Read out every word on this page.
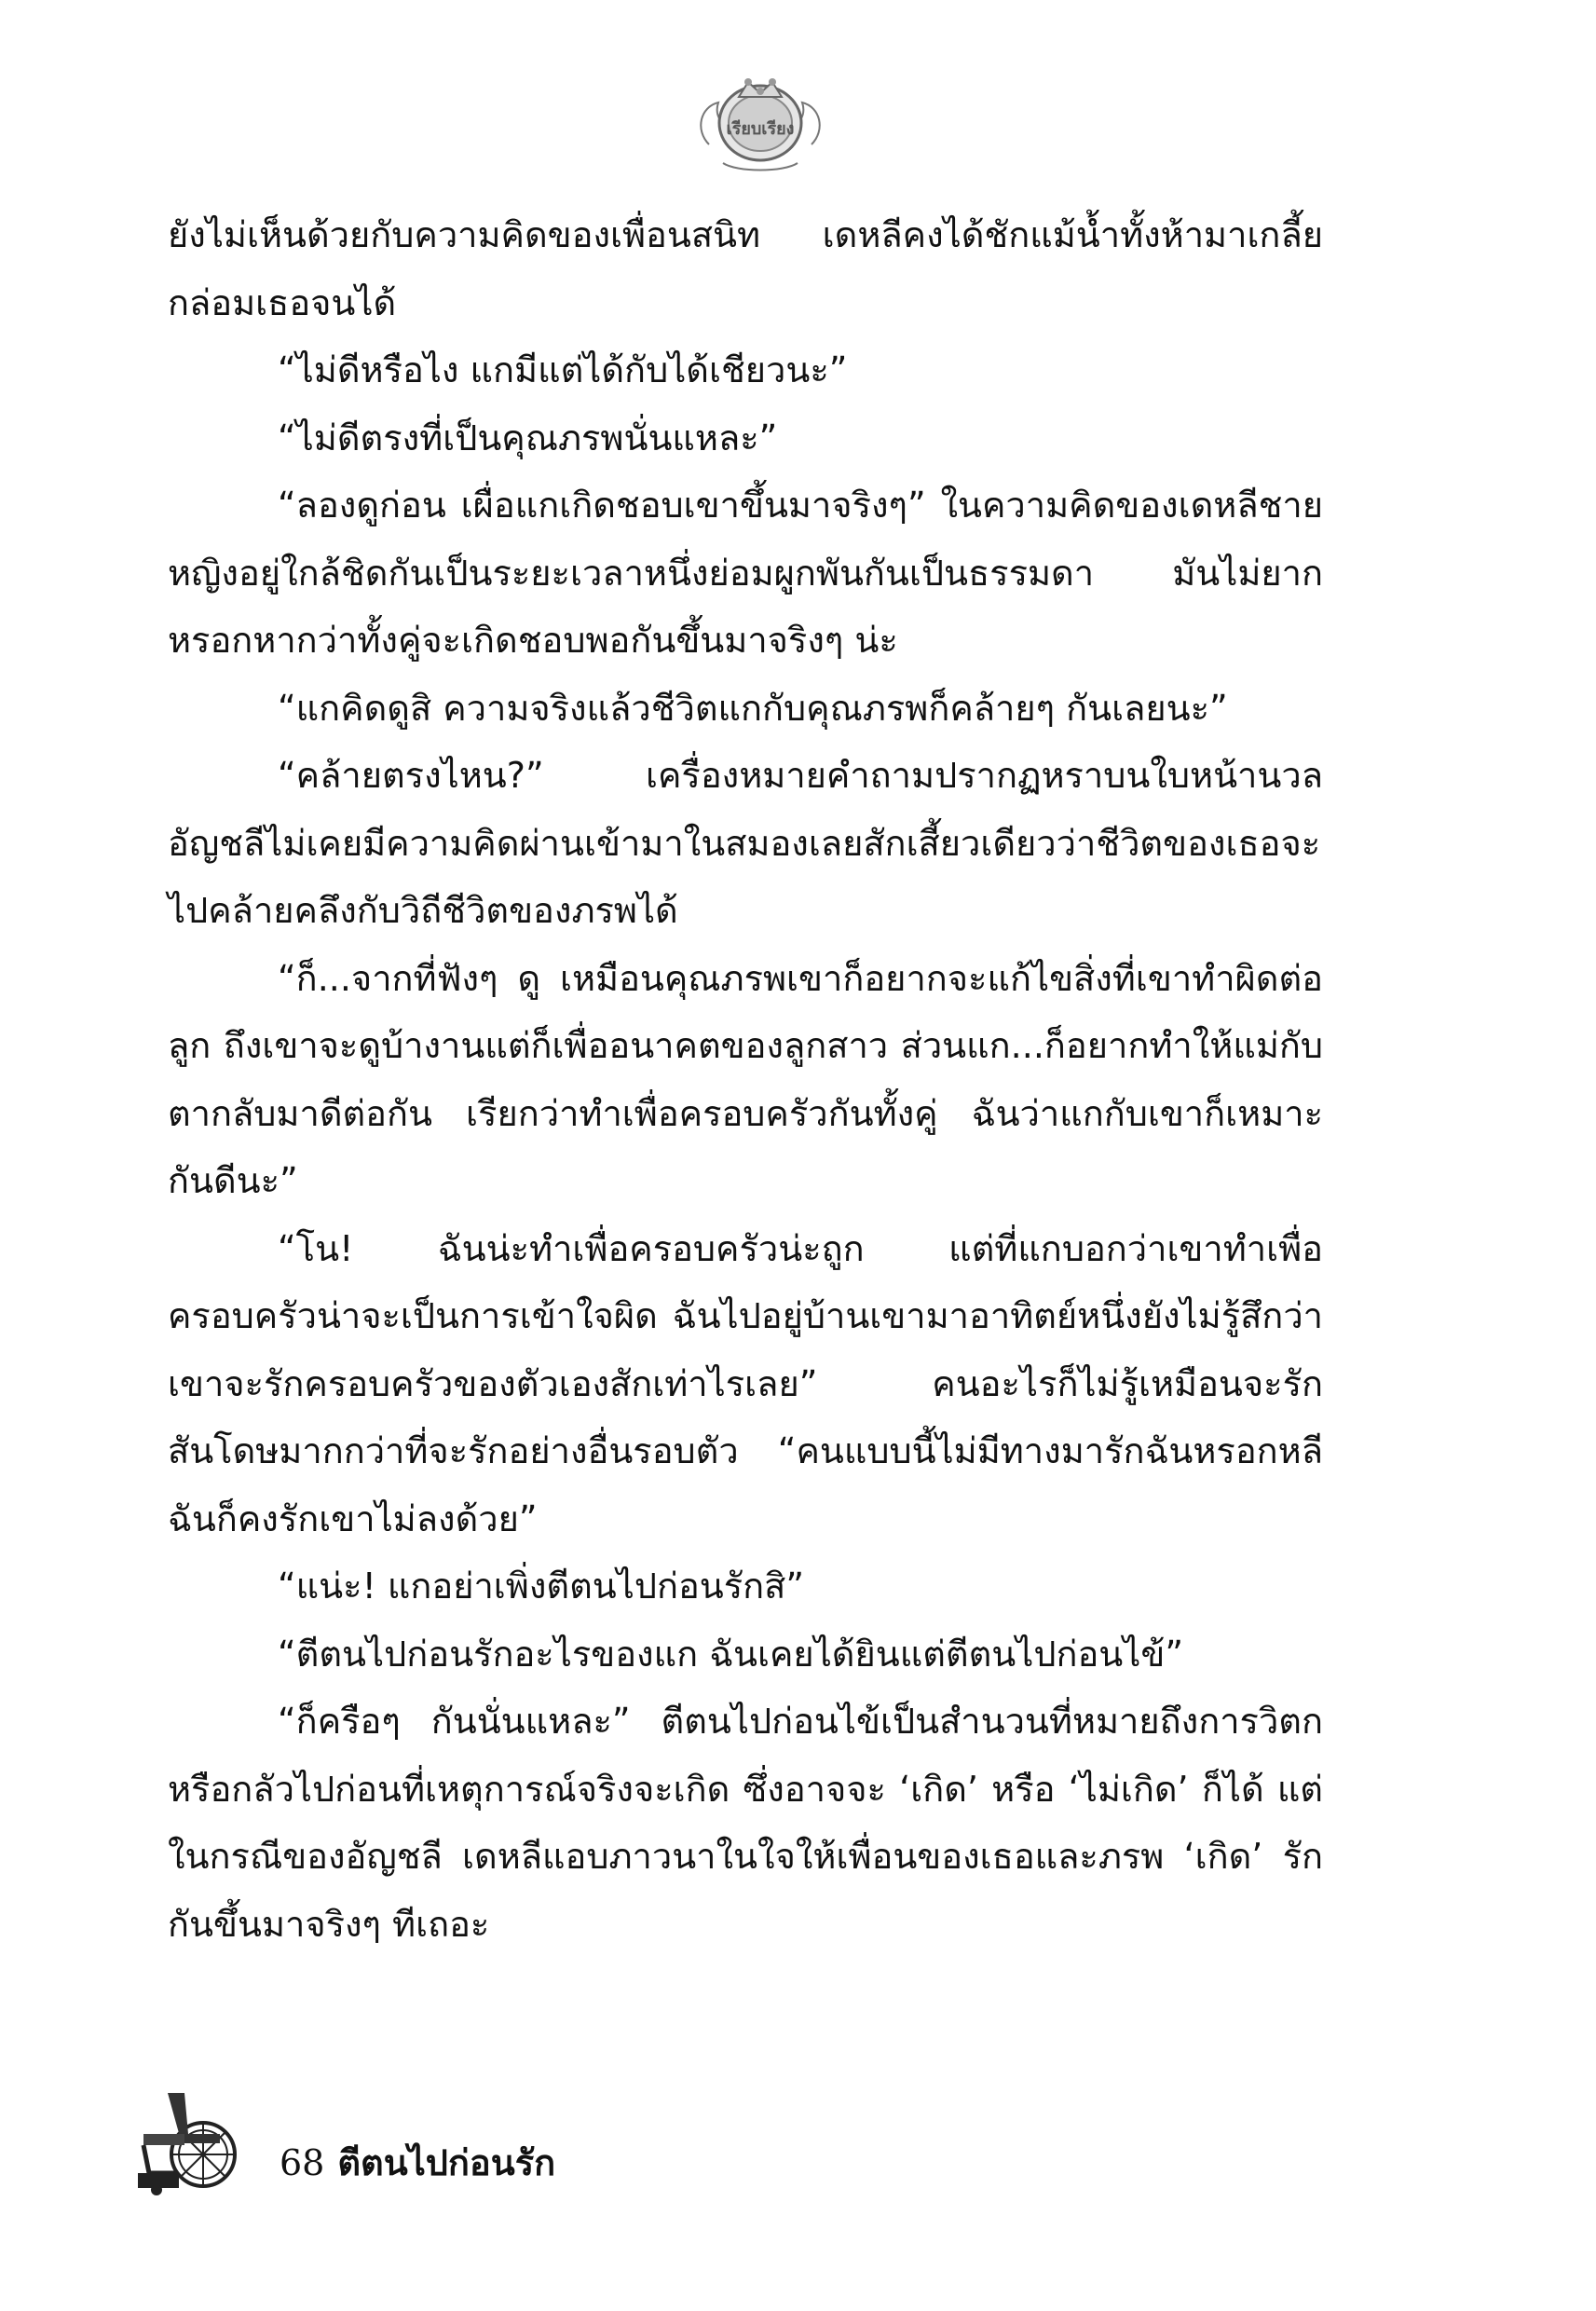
เรียบเรียง

ยังไม่เห็นด้วยกับความคิดของเพื่อนสนิท เดหลีคงได้ชักแม้น้ำทั้งห้ามาเกลี้ยกล่อมเธอจนได้

“ไม่ดีหรือไง แกมีแต่ได้กับได้เชียวนะ”

“ไม่ดีตรงที่เป็นคุณภรพนั่นแหละ”

“ลองดูก่อน เผื่อแกเกิดชอบเขาขึ้นมาจริงๆ” ในความคิดของเดหลีชายหญิงอยู่ใกล้ชิดกันเป็นระยะเวลาหนึ่งย่อมผูกพันกันเป็นธรรมดา มันไม่ยากหรอกหากว่าทั้งคู่จะเกิดชอบพอกันขึ้นมาจริงๆ น่ะ

“แกคิดดูสิ ความจริงแล้วชีวิตแกกับคุณภรพก็คล้ายๆ กันเลยนะ”

“คล้ายตรงไหน?” เครื่องหมายคำถามปรากฏหราบนใบหน้านวลอัญชลีไม่เคยมีความคิดผ่านเข้ามาในสมองเลยสักเสี้ยวเดียวว่าชีวิตของเธอจะไปคล้ายคลึงกับวิถีชีวิตของภรพได้

“ก็...จากที่ฟังๆ ดู เหมือนคุณภรพเขาก็อยากจะแก้ไขสิ่งที่เขาทำผิดต่อลูก ถึงเขาจะดูบ้างานแต่ก็เพื่ออนาคตของลูกสาว ส่วนแก...ก็อยากทำให้แม่กับตากลับมาดีต่อกัน เรียกว่าทำเพื่อครอบครัวกันทั้งคู่ ฉันว่าแกกับเขาก็เหมาะกันดีนะ”

“โน! ฉันน่ะทำเพื่อครอบครัวน่ะถูก แต่ที่แกบอกว่าเขาทำเพื่อครอบครัวน่าจะเป็นการเข้าใจผิด ฉันไปอยู่บ้านเขามาอาทิตย์หนึ่งยังไม่รู้สึกว่าเขาจะรักครอบครัวของตัวเองสักเท่าไรเลย” คนอะไรก็ไม่รู้เหมือนจะรักสันโดษมากกว่าที่จะรักอย่างอื่นรอบตัว “คนแบบนี้ไม่มีทางมารักฉันหรอกหลี ฉันก็คงรักเขาไม่ลงด้วย”

“แน่ะ! แกอย่าเพิ่งตีตนไปก่อนรักสิ”

“ตีตนไปก่อนรักอะไรของแก ฉันเคยได้ยินแต่ตีตนไปก่อนไข้”

“ก็ครือๆ กันนั่นแหละ” ตีตนไปก่อนไข้เป็นสำนวนที่หมายถึงการวิตกหรือกลัวไปก่อนที่เหตุการณ์จริงจะเกิด ซึ่งอาจจะ ‘เกิด’ หรือ ‘ไม่เกิด’ ก็ได้ แต่ในกรณีของอัญชลี เดหลีแอบภาวนาในใจให้เพื่อนของเธอและภรพ ‘เกิด’ รักกันขึ้นมาจริงๆ ทีเถอะ

68 ตีตนไปก่อนรัก
